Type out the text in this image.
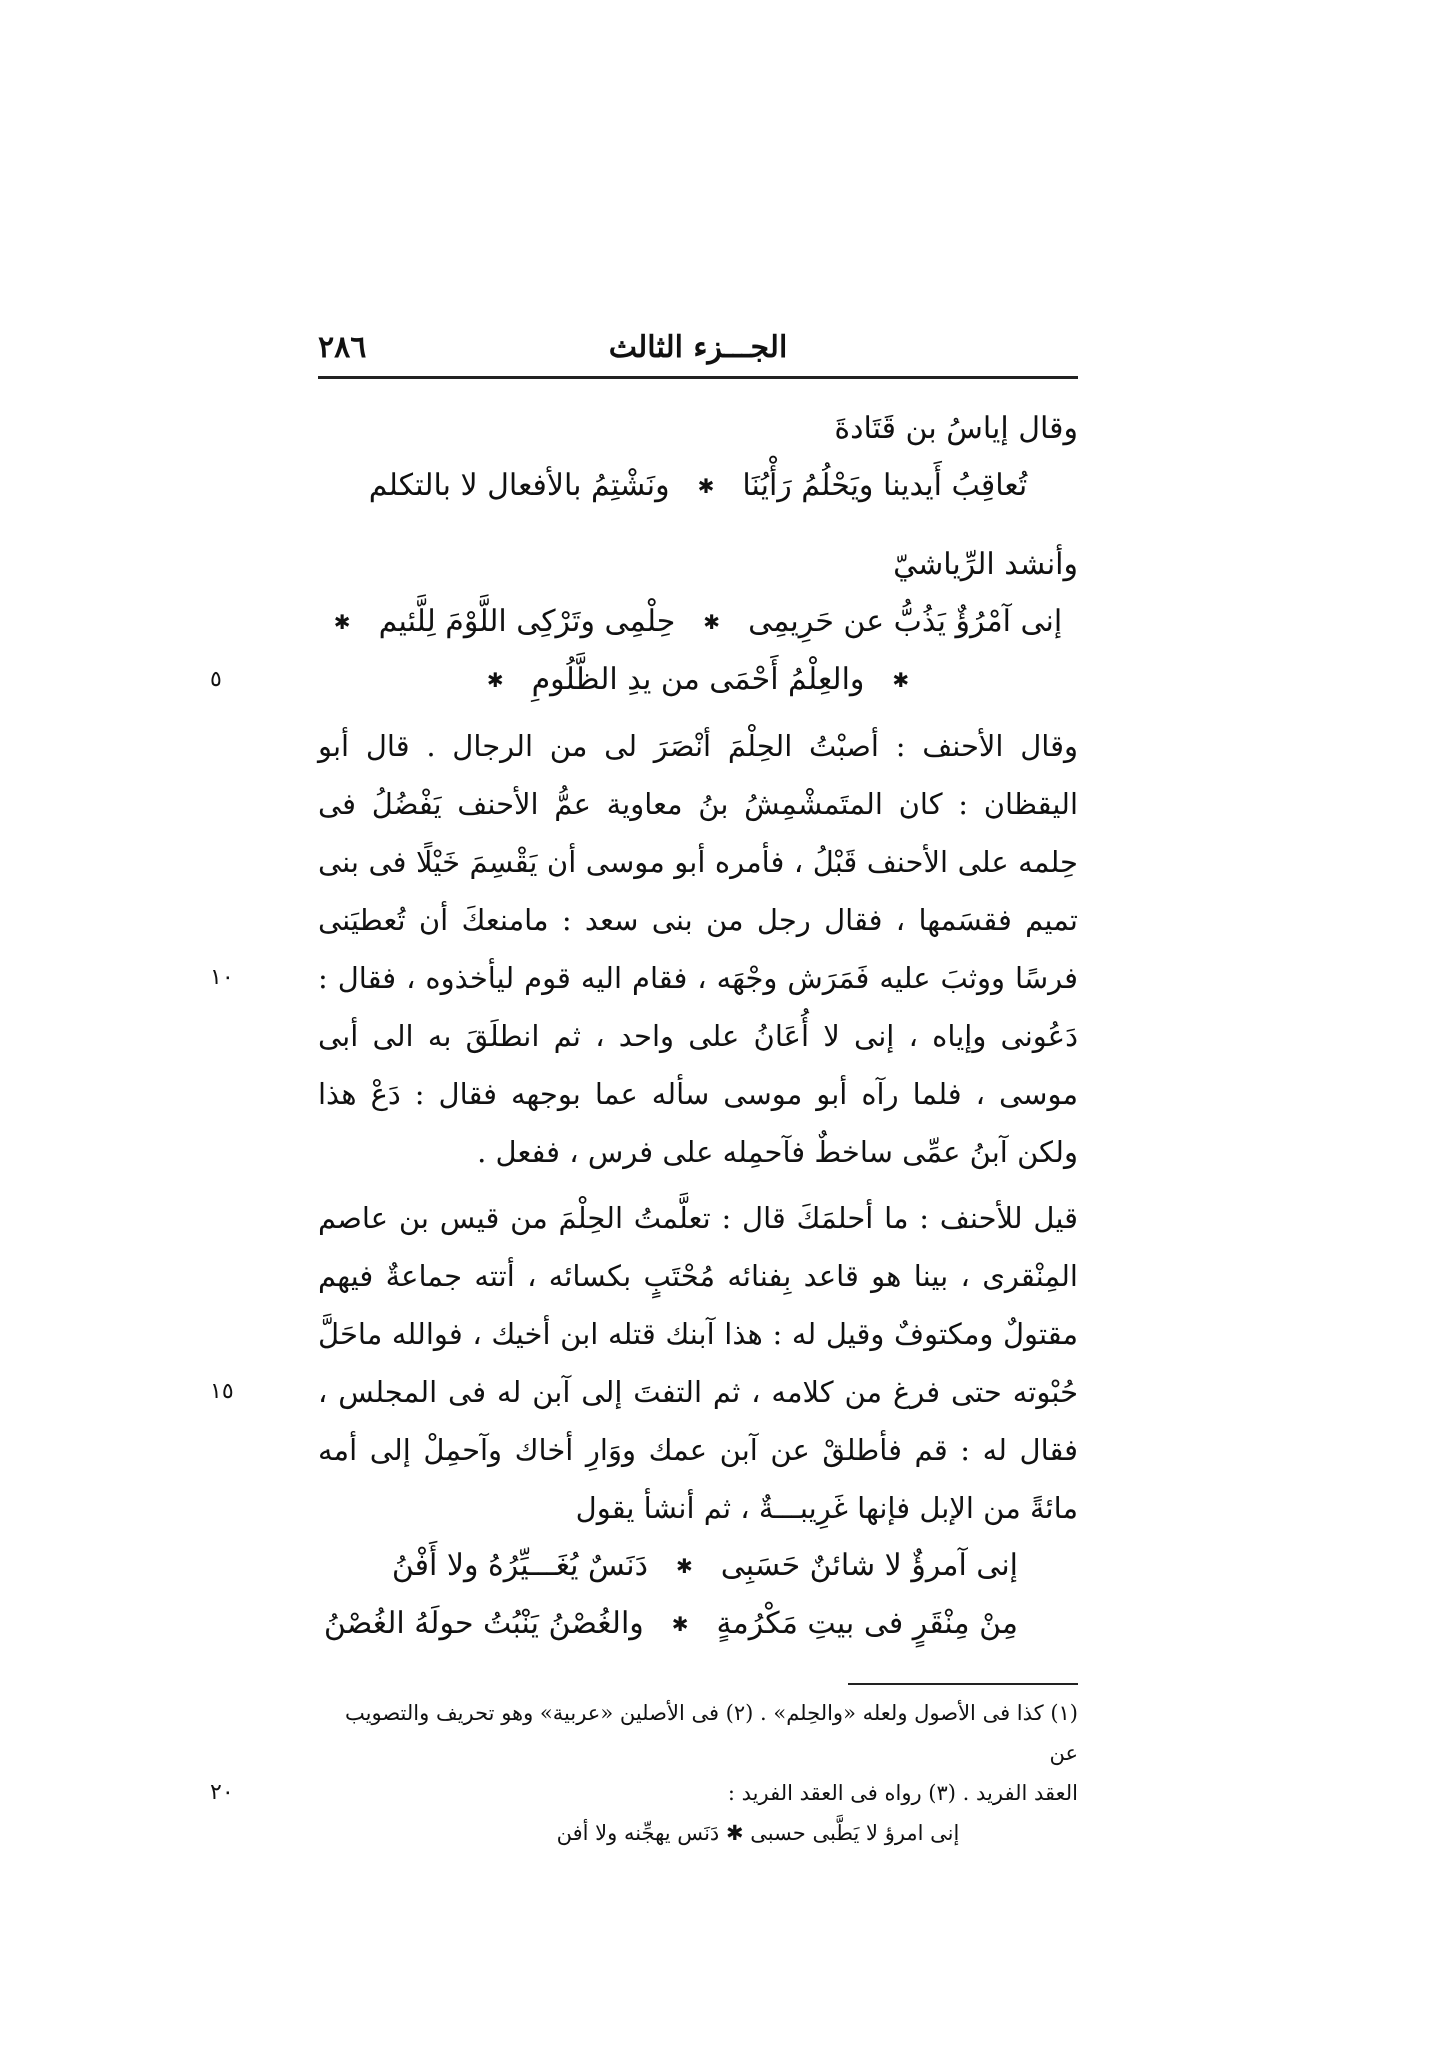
الجـــزء الثالث
٢٨٦
وقال إياسُ بن قَتَادةَ
تُعاقِبُ أَيدينا ويَحْلُمُ رَأْيُنَا
✱
ونَشْتِمُ بالأفعال لا بالتكلم
وأنشد الرِّياشيّ
إنى آمْرُؤٌ يَذُبُّ عن حَرِيمِى
✱
حِلْمِى وتَرْكِى اللَّوْمَ لِلَّئيم
✱
✱
والعِلْمُ أَحْمَى من يدِ الظَّلُومِ
✱
٥

وقال الأحنف : أصبْتُ الحِلْمَ أنْصَرَ لى من الرجال . قال أبو اليقظان : كان المتَمشْمِشُ بنُ معاوية عمُّ الأحنف يَفْضُلُ فى حِلمه على الأحنف قَبْلُ ، فأمره أبو موسى أن يَقْسِمَ خَيْلًا فى بنى تميم فقسَمها ، فقال رجل من بنى سعد : مامنعكَ أن تُعطيَنى فرسًا ووثبَ عليه فَمَرَش وجْهَه ، فقام اليه قوم ليأخذوه ، فقال : دَعُونى وإياه ، إنى لا أُعَانُ على واحد ، ثم انطلَقَ به الى أبى موسى ، فلما رآه أبو موسى سأله عما بوجهه فقال : دَعْ هذا ولكن آبنُ عمِّى ساخطٌ فآحمِله على فرس ، ففعل .

١٠

قيل للأحنف : ما أحلمَكَ قال : تعلَّمتُ الحِلْمَ من قيس بن عاصم المِنْقرى ، بينا هو قاعد بِفنائه مُحْتَبٍ بكسائه ، أتته جماعةٌ فيهم مقتولٌ ومكتوفٌ وقيل له : هذا آبنك قتله ابن أخيك ، فوالله ماحَلَّ حُبْوته حتى فرغ من كلامه ، ثم التفتَ إلى آبن له فى المجلس ، فقال له : قم فأطلقْ عن آبن عمك ووَارِ أخاك وآحمِلْ إلى أمه مائةً من الإبل فإنها غَرِيبـــةٌ ، ثم أنشأ يقول

١٥
إنى آمرؤٌ لا شائنٌ حَسَبِى
✱
دَنَسٌ يُغَـــيِّرُهُ ولا أَفْنُ
مِنْ مِنْقَرٍ فى بيتِ مَكْرُمةٍ
✱
والغُصْنُ يَنْبُتُ حولَهُ الغُصْنُ
(١) كذا فى الأصول ولعله «والحِلم» . (٢) فى الأصلين «عربية» وهو تحريف والتصويب عن
العقد الفريد . (٣) رواه فى العقد الفريد :
٢٠
إنى امرؤ لا يَطَّبى حسبى ✱ دَنَس يهجِّنه ولا أفن
